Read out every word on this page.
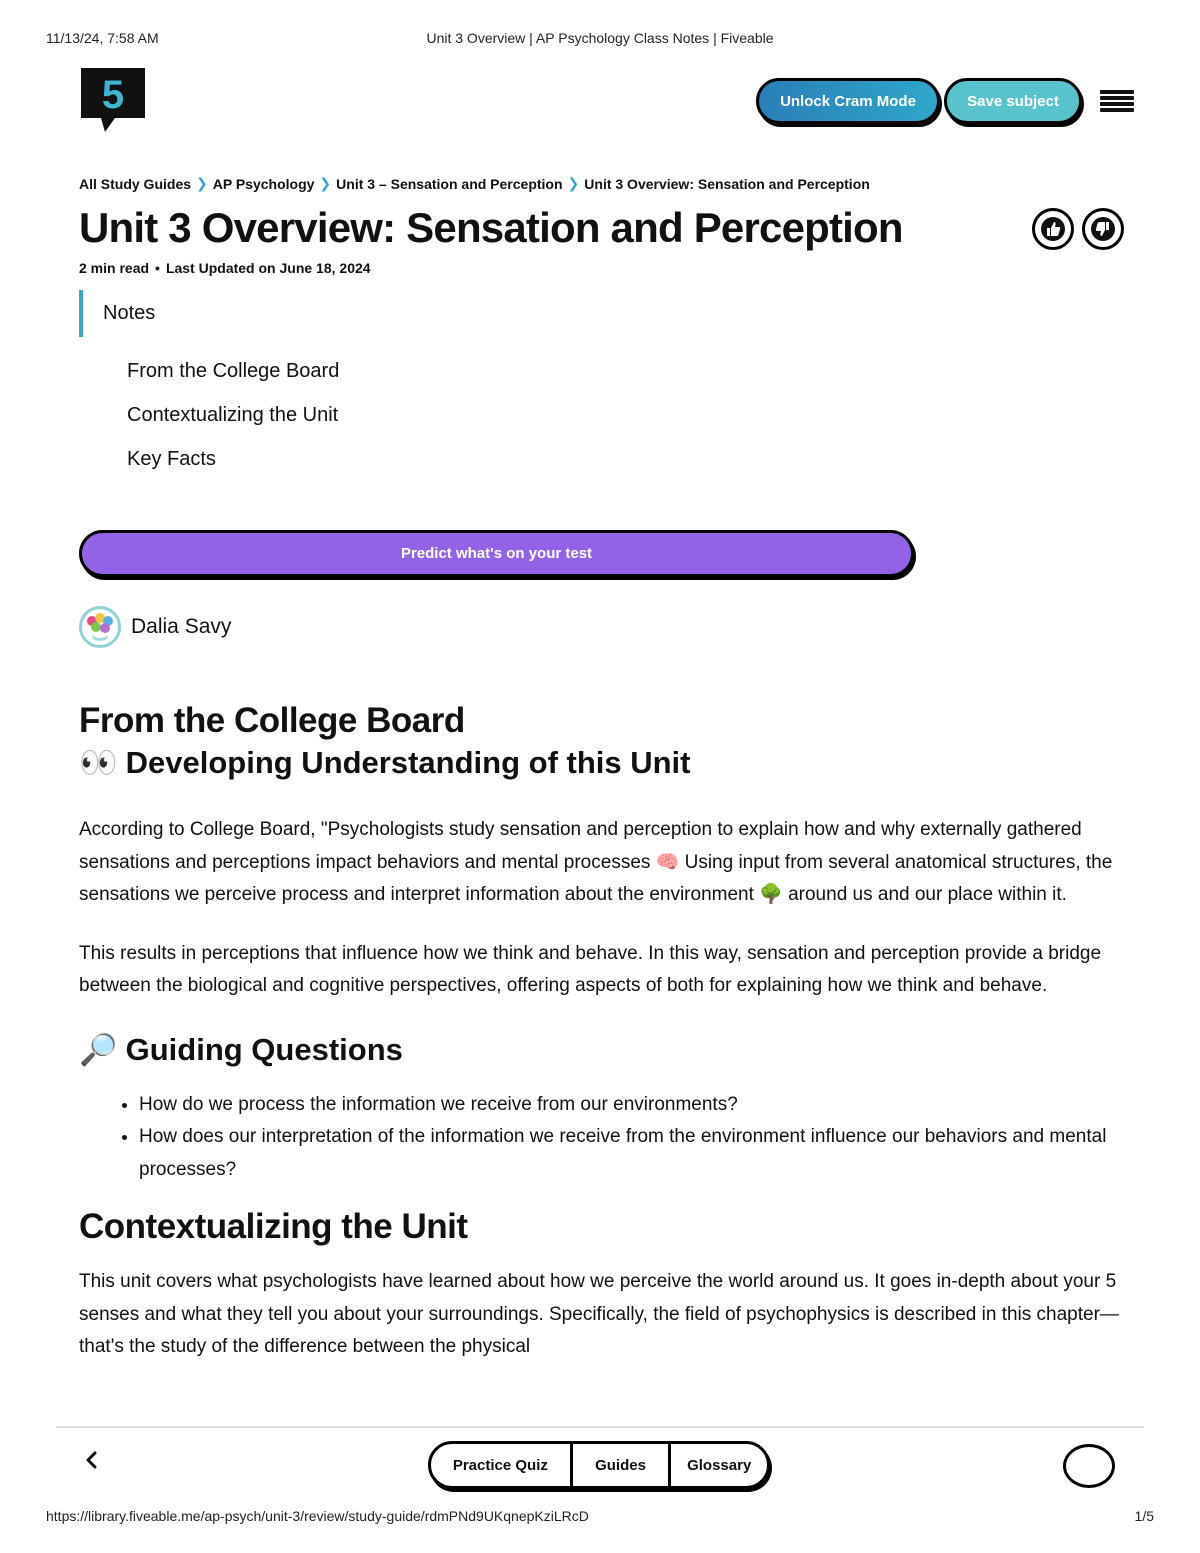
11/13/24, 7:58 AM	Unit 3 Overview | AP Psychology Class Notes | Fiveable
5	Unlock Cram Mode	Save subject
All Study Guides ❯ AP Psychology ❯ Unit 3 – Sensation and Perception ❯ Unit 3 Overview: Sensation and Perception
Unit 3 Overview: Sensation and Perception
2 min read • Last Updated on June 18, 2024
Notes
From the College Board
Contextualizing the Unit
Key Facts
Predict what's on your test
Dalia Savy
From the College Board
👀 Developing Understanding of this Unit

According to College Board, "Psychologists study sensation and perception to explain how and why externally gathered sensations and perceptions impact behaviors and mental processes 🧠 Using input from several anatomical structures, the sensations we perceive process and interpret information about the environment 🌳 around us and our place within it.

This results in perceptions that influence how we think and behave. In this way, sensation and perception provide a bridge between the biological and cognitive perspectives, offering aspects of both for explaining how we think and behave.

🔎 Guiding Questions
• How do we process the information we receive from our environments?
• How does our interpretation of the information we receive from the environment influence our behaviors and mental processes?
Contextualizing the Unit

This unit covers what psychologists have learned about how we perceive the world around us. It goes in-depth about your 5 senses and what they tell you about your surroundings. Specifically, the field of psychophysics is described in this chapter—that's the study of the difference between the physical

Practice Quiz	Guides	Glossary
https://library.fiveable.me/ap-psych/unit-3/review/study-guide/rdmPNd9UKqnepKziLRcD	1/5
